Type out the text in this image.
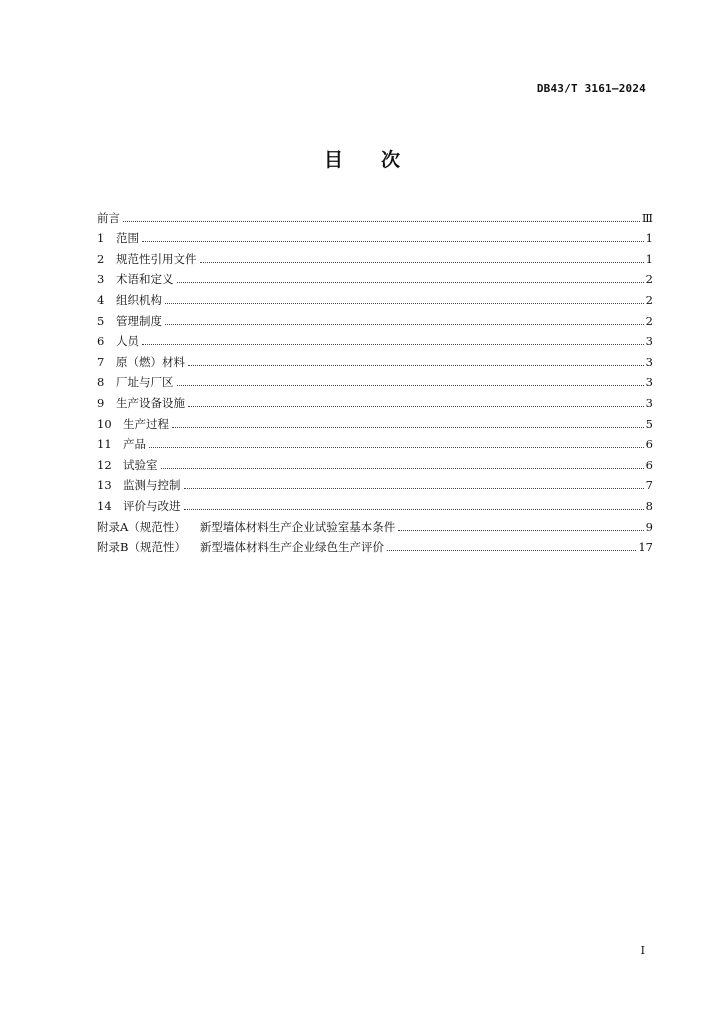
DB43/T 3161—2024
目 次
前言	Ⅲ
1	范围	1
2	规范性引用文件	1
3	术语和定义	2
4	组织机构	2
5	管理制度	2
6	人员	3
7	原（燃）材料	3
8	厂址与厂区	3
9	生产设备设施	3
10 生产过程	5
11 产品	6
12 试验室	6
13 监测与控制	7
14 评价与改进	8
附录A（规范性） 新型墙体材料生产企业试验室基本条件	9
附录B（规范性） 新型墙体材料生产企业绿色生产评价	17
I
